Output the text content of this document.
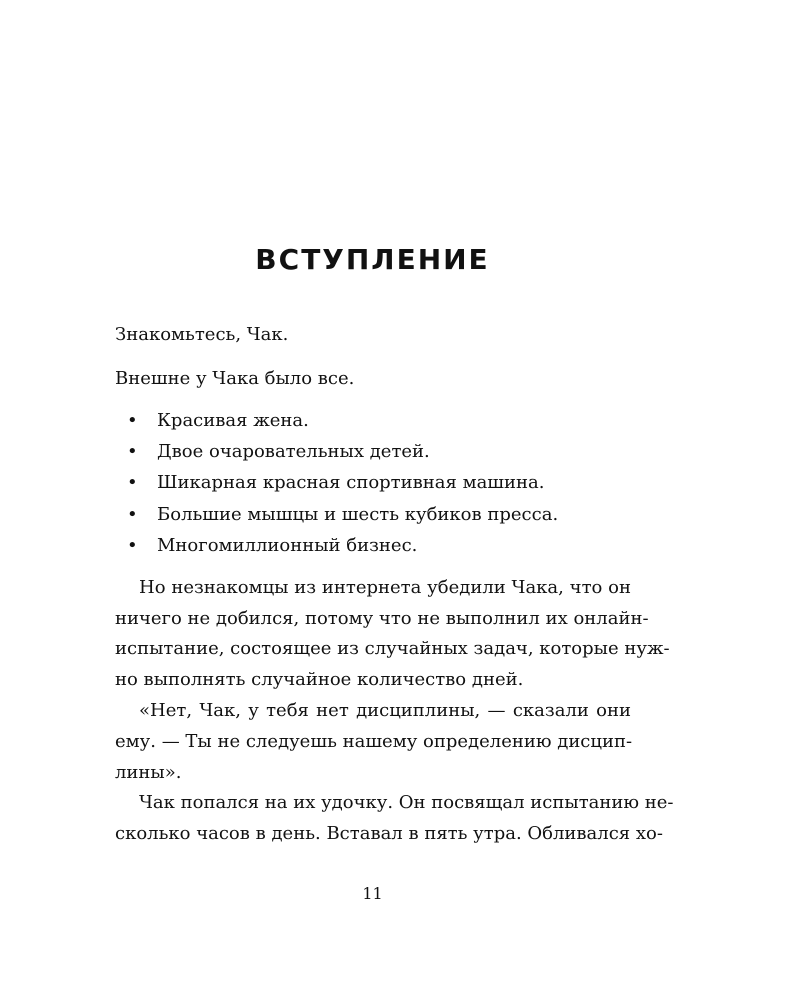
ВСТУПЛЕНИЕ
Знакомьтесь, Чак.
Внешне у Чака было все.
• Красивая жена.
• Двое очаровательных детей.
• Шикарная красная спортивная машина.
• Большие мышцы и шесть кубиков пресса.
• Многомиллионный бизнес.
Но незнакомцы из интернета убедили Чака, что он
ничего не добился, потому что не выполнил их онлайн-
испытание, состоящее из случайных задач, которые нуж-
но выполнять случайное количество дней.
«Нет, Чак, у тебя нет дисциплины, — сказали они
ему. — Ты не следуешь нашему определению дисцип-
лины».
Чак попался на их удочку. Он посвящал испытанию не-
сколько часов в день. Вставал в пять утра. Обливался хо-
11
